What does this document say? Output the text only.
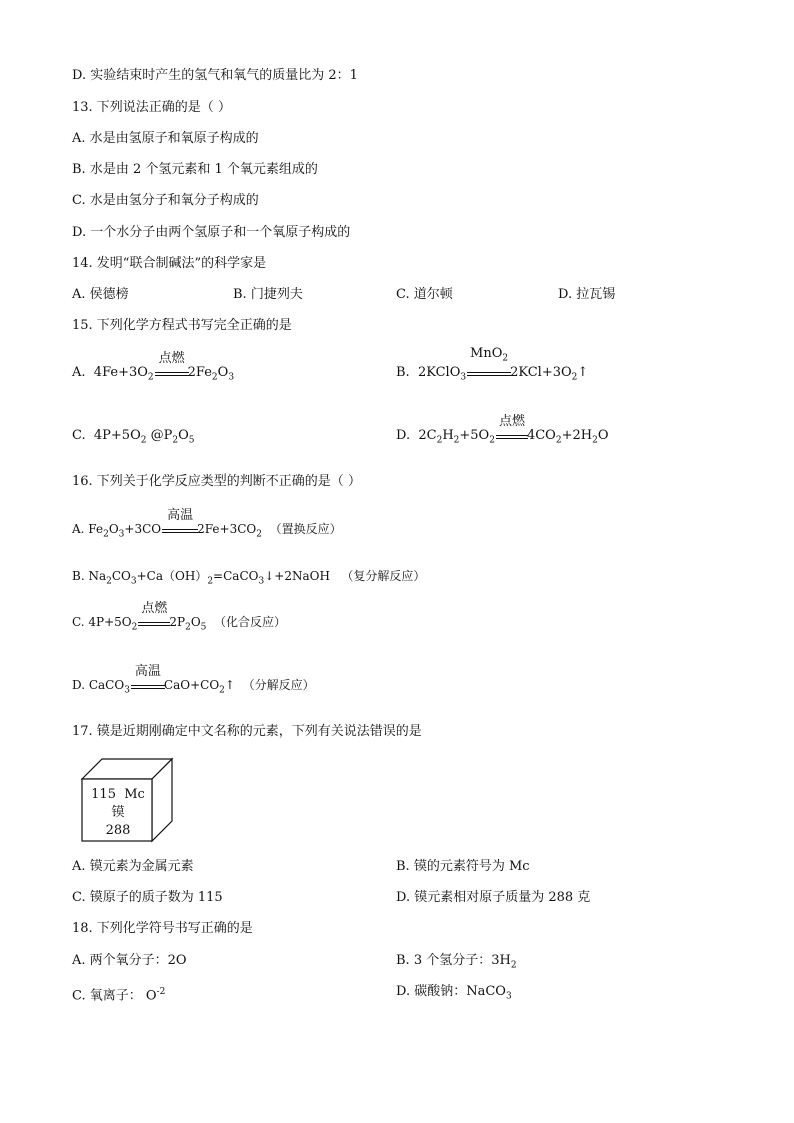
D. 实验结束时产生的氢气和氧气的质量比为 2：1
13. 下列说法正确的是（ ）
A. 水是由氢原子和氧原子构成的
B. 水是由 2 个氢元素和 1 个氧元素组成的
C. 水是由氢分子和氧分子构成的
D. 一个水分子由两个氢原子和一个氧原子构成的
14. 发明“联合制碱法”的科学家是
A. 侯德榜	B. 门捷列夫	C. 道尔顿	D. 拉瓦锡
15. 下列化学方程式书写完全正确的是
A.  $4Fe+3O_2$
点燃
$2Fe_2O_3$	B.  2KClO$_3$
MnO$_2$
$2KCl+3O_2↑$
C.  $4P+5O_2$ $@P_2O_5$	D.  $2C_2H_2+5O_2$
点燃
$4CO_2+2H_2O$
16. 下列关于化学反应类型的判断不正确的是（ ）
A. $Fe_2O_3+3CO$
高温
$2Fe+3CO_2$ （置换反应）
B. $Na_2CO_3+Ca(OH)_2=CaCO_3↓+2NaOH$   （复分解反应）
C. $4P+5O_2$
点燃
$2P_2O_5$ （化合反应）
D. CaCO$_3$
高温
$CaO+CO_2↑$  （分解反应）
17. 镆是近期刚确定中文名称的元素，下列有关说法错误的是
115 Mc
镆
288
A. 镆元素为金属元素	B. 镆的元素符号为 Mc
C. 镆原子的质子数为 115	D. 镆元素相对原子质量为 288 克
18. 下列化学符号书写正确的是
A. 两个氧分子：2O	B. 3 个氢分子：$3H_2$
C. 氧离子： $O^{-2}$	D. 碳酸钠：NaCO$_3$
